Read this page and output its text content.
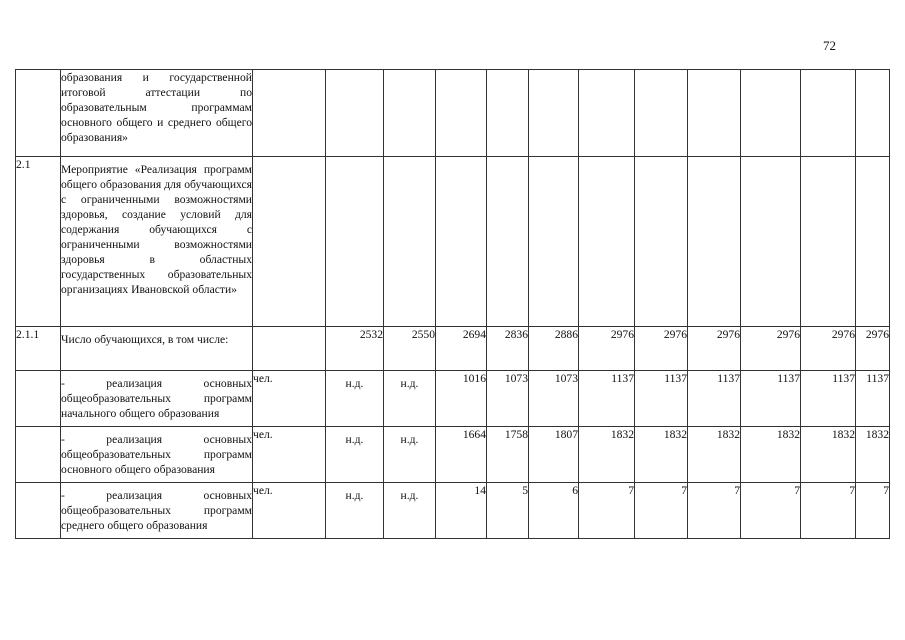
72
	образования и государственной итоговой аттестации по образовательным программам основного общего и среднего общего образования»												
2.1	Мероприятие «Реализация программ общего образования для обучающихся с ограниченными возможностями здоровья, создание условий для содержания обучающихся с ограниченными возможностями здоровья в областных государственных образовательных организациях Ивановской области»												
2.1.1	Число обучающихся, в том числе:		2532	2550	2694	2836	2886	2976	2976	2976	2976	2976	2976
	- реализация основных общеобразовательных программ начального общего образования	чел.	н.д.	н.д.	1016	1073	1073	1137	1137	1137	1137	1137	1137
	- реализация основных общеобразовательных программ основного общего образования	чел.	н.д.	н.д.	1664	1758	1807	1832	1832	1832	1832	1832	1832
	- реализация основных общеобразовательных программ среднего общего образования	чел.	н.д.	н.д.	14	5	6	7	7	7	7	7	7
